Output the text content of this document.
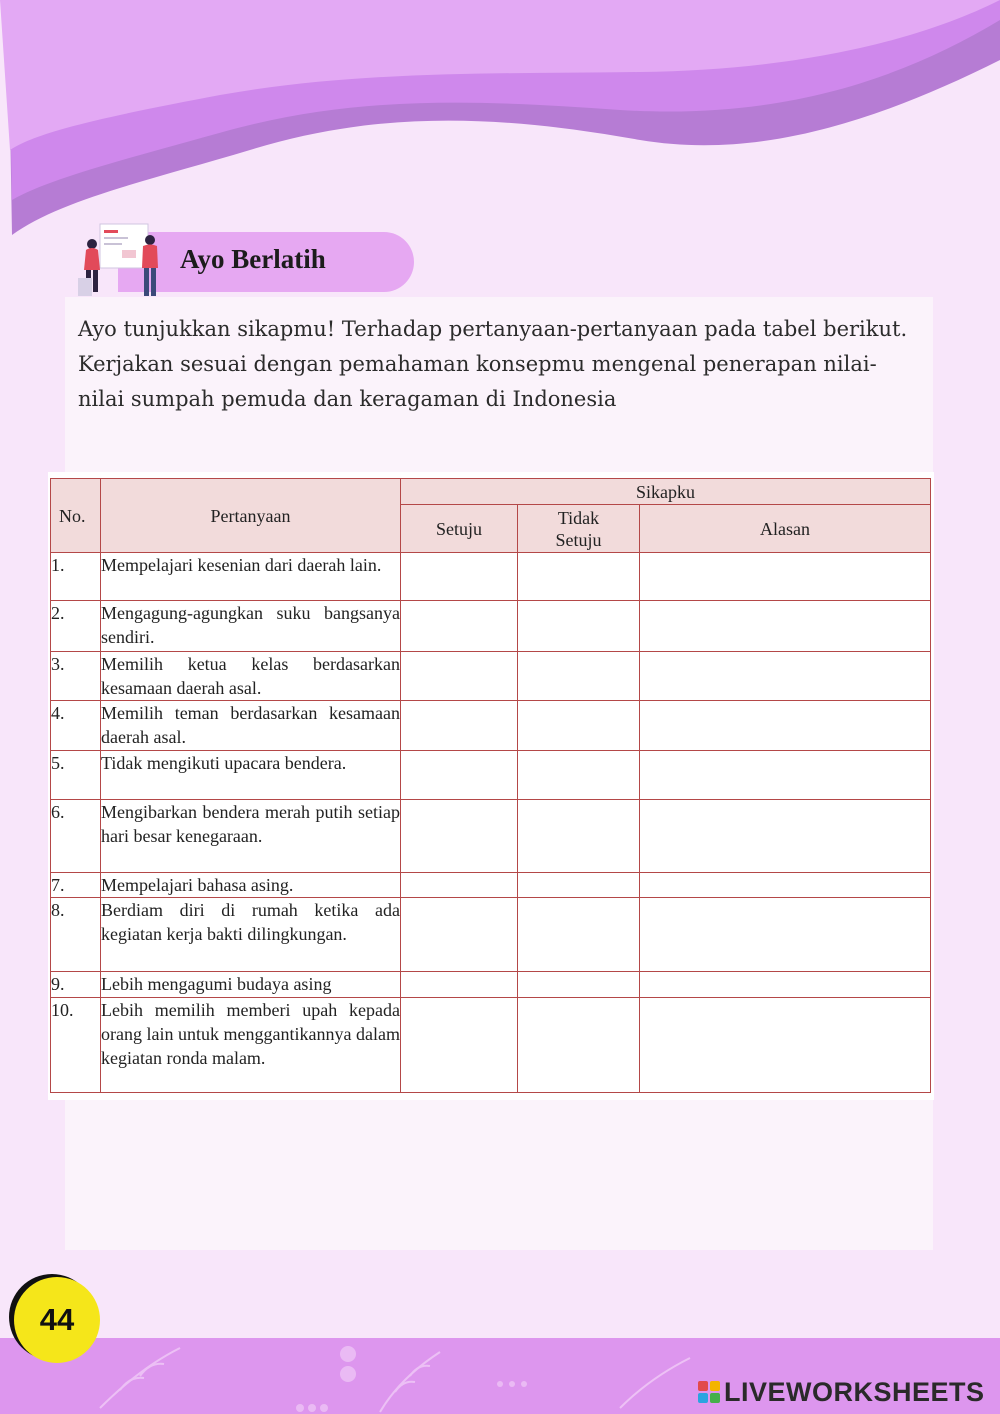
Ayo Berlatih

Ayo tunjukkan sikapmu! Terhadap pertanyaan-pertanyaan pada tabel berikut. Kerjakan sesuai dengan pemahaman konsepmu mengenal penerapan nilai-nilai sumpah pemuda dan keragaman di Indonesia

No.	Pertanyaan	Sikapku		
		Setuju	Tidak Setuju	Alasan
1.	Mempelajari kesenian dari daerah lain.			
2.	Mengagung-agungkan suku bangsanya sendiri.			
3.	Memilih ketua kelas berdasarkan kesamaan daerah asal.			
4.	Memilih teman berdasarkan kesamaan daerah asal.			
5.	Tidak mengikuti upacara bendera.			
6.	Mengibarkan bendera merah putih setiap hari besar kenegaraan.			
7.	Mempelajari bahasa asing.			
8.	Berdiam diri di rumah ketika ada kegiatan kerja bakti dilingkungan.			
9.	Lebih mengagumi budaya asing			
10.	Lebih memilih memberi upah kepada orang lain untuk menggantikannya dalam kegiatan ronda malam.			
44
LIVEWORKSHEETS
